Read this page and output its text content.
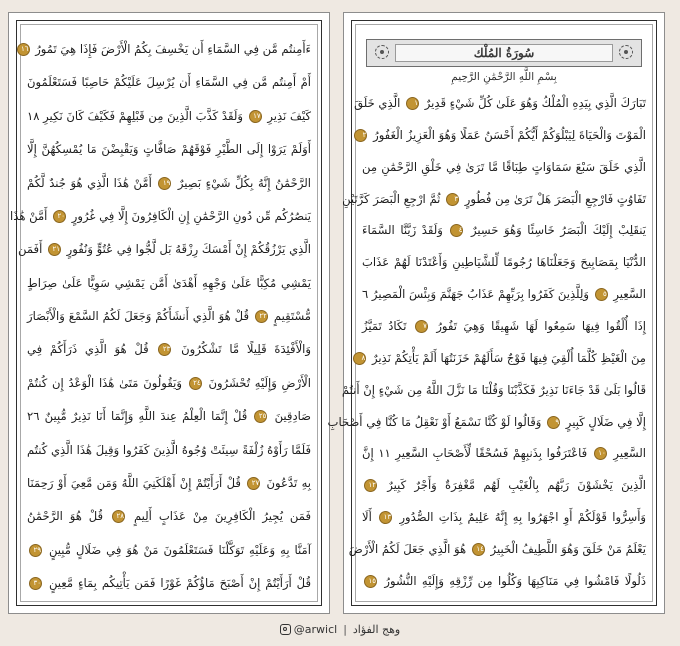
ءَأَمِنتُم مَّن فِي السَّمَاءِ أَن يَخْسِفَ بِكُمُ الْأَرْضَ فَإِذَا هِيَ تَمُورُ ١٦
أَمْ أَمِنتُم مَّن فِي السَّمَاءِ أَن يُرْسِلَ عَلَيْكُمْ حَاصِبًا فَسَتَعْلَمُونَ
كَيْفَ نَذِيرِ ١٧ وَلَقَدْ كَذَّبَ الَّذِينَ مِن قَبْلِهِمْ فَكَيْفَ كَانَ نَكِيرِ ١٨
أَوَلَمْ يَرَوْا إِلَى الطَّيْرِ فَوْقَهُمْ صَافَّاتٍ وَيَقْبِضْنَ مَا يُمْسِكُهُنَّ إِلَّا
الرَّحْمَٰنُ إِنَّهُ بِكُلِّ شَيْءٍ بَصِيرٌ ١٩ أَمَّنْ هَٰذَا الَّذِي هُوَ جُندٌ لَّكُمْ
يَنصُرُكُم مِّن دُونِ الرَّحْمَٰنِ إِنِ الْكَافِرُونَ إِلَّا فِي غُرُورٍ ٢٠ أَمَّنْ هَٰذَا
الَّذِي يَرْزُقُكُمْ إِنْ أَمْسَكَ رِزْقَهُ بَل لَّجُّوا فِي عُتُوٍّ وَنُفُورٍ ٢١ أَفَمَن
يَمْشِي مُكِبًّا عَلَىٰ وَجْهِهِ أَهْدَىٰ أَمَّن يَمْشِي سَوِيًّا عَلَىٰ صِرَاطٍ
مُّسْتَقِيمٍ ٢٢ قُلْ هُوَ الَّذِي أَنشَأَكُمْ وَجَعَلَ لَكُمُ السَّمْعَ وَالْأَبْصَارَ
وَالْأَفْئِدَةَ قَلِيلًا مَّا تَشْكُرُونَ ٢٣ قُلْ هُوَ الَّذِي ذَرَأَكُمْ فِي
الْأَرْضِ وَإِلَيْهِ تُحْشَرُونَ ٢٤ وَيَقُولُونَ مَتَىٰ هَٰذَا الْوَعْدُ إِن كُنتُمْ
صَادِقِينَ ٢٥ قُلْ إِنَّمَا الْعِلْمُ عِندَ اللَّهِ وَإِنَّمَا أَنَا نَذِيرٌ مُّبِينٌ ٢٦
فَلَمَّا رَأَوْهُ زُلْفَةً سِيئَتْ وُجُوهُ الَّذِينَ كَفَرُوا وَقِيلَ هَٰذَا الَّذِي كُنتُم
بِهِ تَدَّعُونَ ٢٧ قُلْ أَرَأَيْتُمْ إِنْ أَهْلَكَنِيَ اللَّهُ وَمَن مَّعِيَ أَوْ رَحِمَنَا
فَمَن يُجِيرُ الْكَافِرِينَ مِنْ عَذَابٍ أَلِيمٍ ٢٨ قُلْ هُوَ الرَّحْمَٰنُ
آمَنَّا بِهِ وَعَلَيْهِ تَوَكَّلْنَا فَسَتَعْلَمُونَ مَنْ هُوَ فِي ضَلَالٍ مُّبِينٍ ٢٩
قُلْ أَرَأَيْتُمْ إِنْ أَصْبَحَ مَاؤُكُمْ غَوْرًا فَمَن يَأْتِيكُم بِمَاءٍ مَّعِينٍ ٣٠
سُورَةُ المُلْك
بِسْمِ اللَّهِ الرَّحْمَٰنِ الرَّحِيمِ
تَبَارَكَ الَّذِي بِيَدِهِ الْمُلْكُ وَهُوَ عَلَىٰ كُلِّ شَيْءٍ قَدِيرٌ ١ الَّذِي خَلَقَ
الْمَوْتَ وَالْحَيَاةَ لِيَبْلُوَكُمْ أَيُّكُمْ أَحْسَنُ عَمَلًا وَهُوَ الْعَزِيزُ الْغَفُورُ ٢
الَّذِي خَلَقَ سَبْعَ سَمَاوَاتٍ طِبَاقًا مَّا تَرَىٰ فِي خَلْقِ الرَّحْمَٰنِ مِن
تَفَاوُتٍ فَارْجِعِ الْبَصَرَ هَلْ تَرَىٰ مِن فُطُورٍ ٣ ثُمَّ ارْجِعِ الْبَصَرَ كَرَّتَيْنِ
يَنقَلِبْ إِلَيْكَ الْبَصَرُ خَاسِئًا وَهُوَ حَسِيرٌ ٤ وَلَقَدْ زَيَّنَّا السَّمَاءَ
الدُّنْيَا بِمَصَابِيحَ وَجَعَلْنَاهَا رُجُومًا لِّلشَّيَاطِينِ وَأَعْتَدْنَا لَهُمْ عَذَابَ
السَّعِيرِ ٥ وَلِلَّذِينَ كَفَرُوا بِرَبِّهِمْ عَذَابُ جَهَنَّمَ وَبِئْسَ الْمَصِيرُ ٦
إِذَا أُلْقُوا فِيهَا سَمِعُوا لَهَا شَهِيقًا وَهِيَ تَفُورُ ٧ تَكَادُ تَمَيَّزُ
مِنَ الْغَيْظِ كُلَّمَا أُلْقِيَ فِيهَا فَوْجٌ سَأَلَهُمْ خَزَنَتُهَا أَلَمْ يَأْتِكُمْ نَذِيرٌ ٨
قَالُوا بَلَىٰ قَدْ جَاءَنَا نَذِيرٌ فَكَذَّبْنَا وَقُلْنَا مَا نَزَّلَ اللَّهُ مِن شَيْءٍ إِنْ أَنتُمْ
إِلَّا فِي ضَلَالٍ كَبِيرٍ ٩ وَقَالُوا لَوْ كُنَّا نَسْمَعُ أَوْ نَعْقِلُ مَا كُنَّا فِي أَصْحَابِ
السَّعِيرِ ١٠ فَاعْتَرَفُوا بِذَنبِهِمْ فَسُحْقًا لِّأَصْحَابِ السَّعِيرِ ١١ إِنَّ
الَّذِينَ يَخْشَوْنَ رَبَّهُم بِالْغَيْبِ لَهُم مَّغْفِرَةٌ وَأَجْرٌ كَبِيرٌ ١٢
وَأَسِرُّوا قَوْلَكُمْ أَوِ اجْهَرُوا بِهِ إِنَّهُ عَلِيمٌ بِذَاتِ الصُّدُورِ ١٣ أَلَا
يَعْلَمُ مَنْ خَلَقَ وَهُوَ اللَّطِيفُ الْخَبِيرُ ١٤ هُوَ الَّذِي جَعَلَ لَكُمُ الْأَرْضَ
ذَلُولًا فَامْشُوا فِي مَنَاكِبِهَا وَكُلُوا مِن رِّزْقِهِ وَإِلَيْهِ النُّشُورُ ١٥
@arwicl | وهج الفؤاد
